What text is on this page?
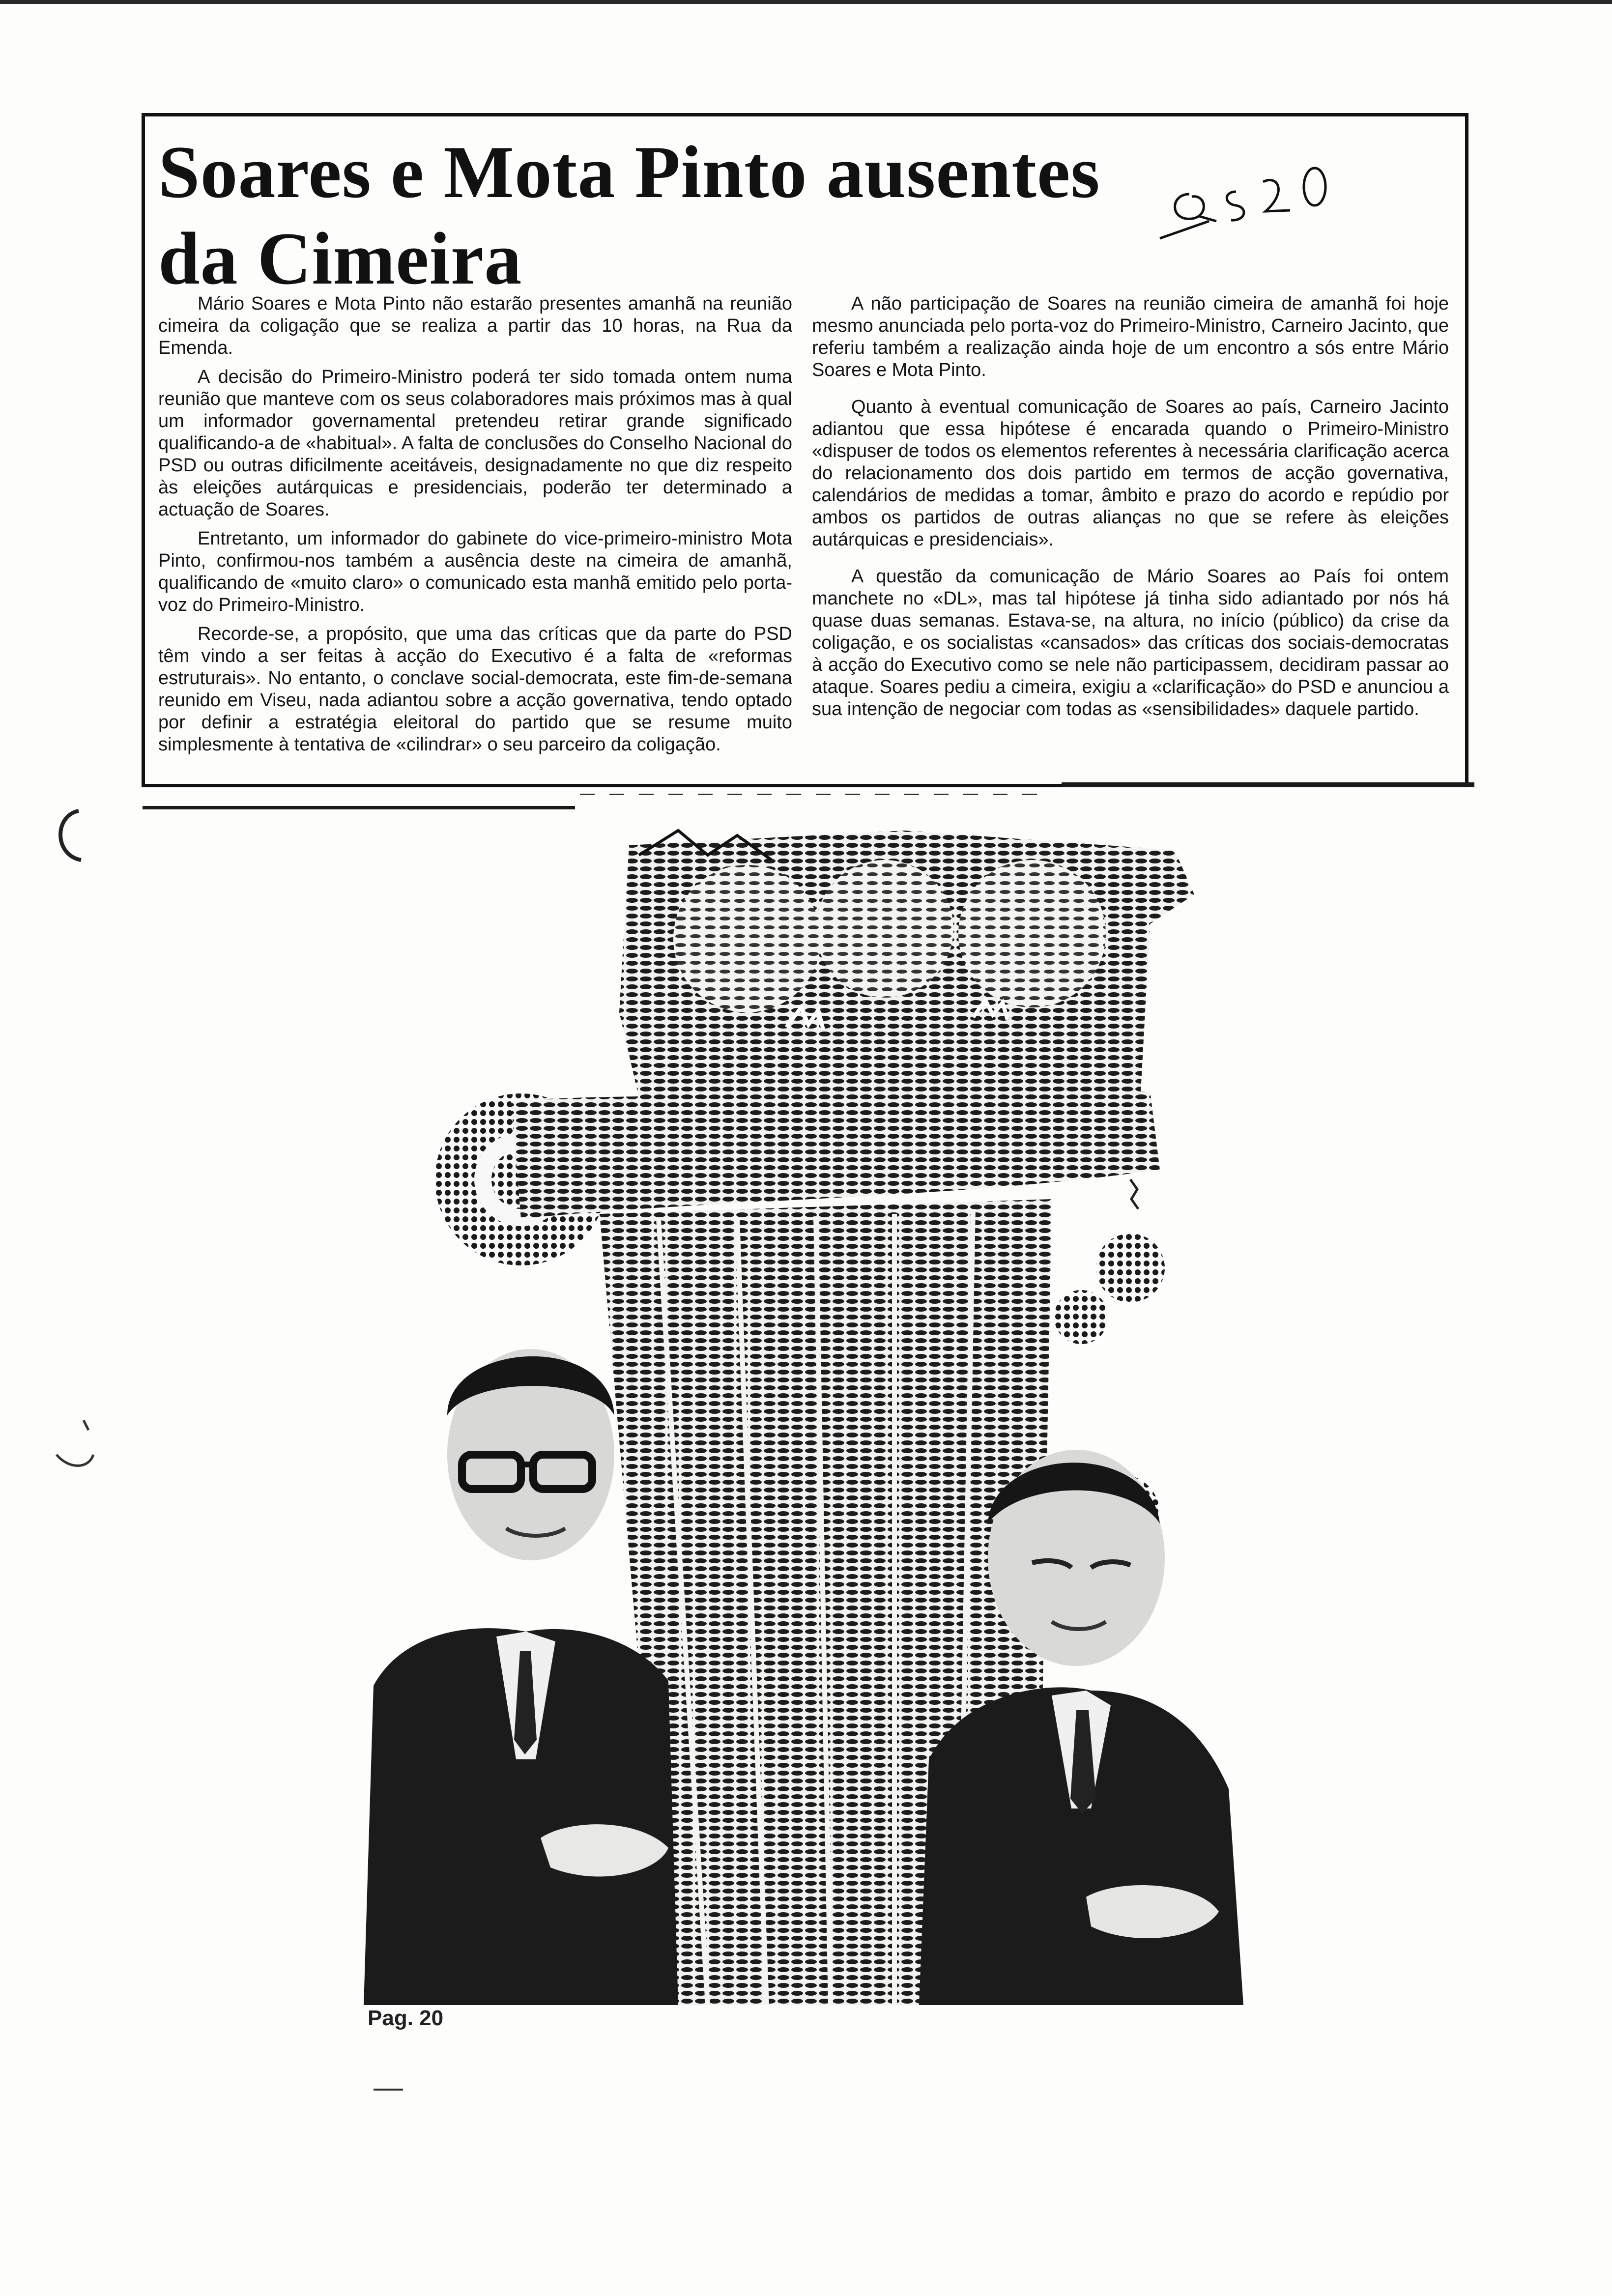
Soares e Mota Pinto ausentes
da Cimeira

Mário Soares e Mota Pinto não estarão presentes amanhã na reunião cimeira da coligação que se realiza a partir das 10 horas, na Rua da Emenda.

A decisão do Primeiro-Ministro poderá ter sido tomada ontem numa reunião que manteve com os seus colaboradores mais próximos mas à qual um informador governamental pretendeu retirar grande significado qualificando-a de «habitual». A falta de conclusões do Conselho Nacional do PSD ou outras dificilmente aceitáveis, designadamente no que diz respeito às eleições autárquicas e presidenciais, poderão ter determinado a actuação de Soares.

Entretanto, um informador do gabinete do vice-primeiro-ministro Mota Pinto, confirmou-nos também a ausência deste na cimeira de amanhã, qualificando de «muito claro» o comunicado esta manhã emitido pelo porta-voz do Primeiro-Ministro.

Recorde-se, a propósito, que uma das críticas que da parte do PSD têm vindo a ser feitas à acção do Executivo é a falta de «reformas estruturais». No entanto, o conclave social-democrata, este fim-de-semana reunido em Viseu, nada adiantou sobre a acção governativa, tendo optado por definir a estratégia eleitoral do partido que se resume muito simplesmente à tentativa de «cilindrar» o seu parceiro da coligação.

A não participação de Soares na reunião cimeira de amanhã foi hoje mesmo anunciada pelo porta-voz do Primeiro-Ministro, Carneiro Jacinto, que referiu também a realização ainda hoje de um encontro a sós entre Mário Soares e Mota Pinto.

Quanto à eventual comunicação de Soares ao país, Carneiro Jacinto adiantou que essa hipótese é encarada quando o Primeiro-Ministro «dispuser de todos os elementos referentes à necessária clarificação acerca do relacionamento dos dois partido em termos de acção governativa, calendários de medidas a tomar, âmbito e prazo do acordo e repúdio por ambos os partidos de outras alianças no que se refere às eleições autárquicas e presidenciais».

A questão da comunicação de Mário Soares ao País foi ontem manchete no «DL», mas tal hipótese já tinha sido adiantado por nós há quase duas semanas. Estava-se, na altura, no início (público) da crise da coligação, e os socialistas «cansados» das críticas dos sociais-democratas à acção do Executivo como se nele não participassem, decidiram passar ao ataque. Soares pediu a cimeira, exigiu a «clarificação» do PSD e anunciou a sua intenção de negociar com todas as «sensibilidades» daquele partido.

Pag. 20
